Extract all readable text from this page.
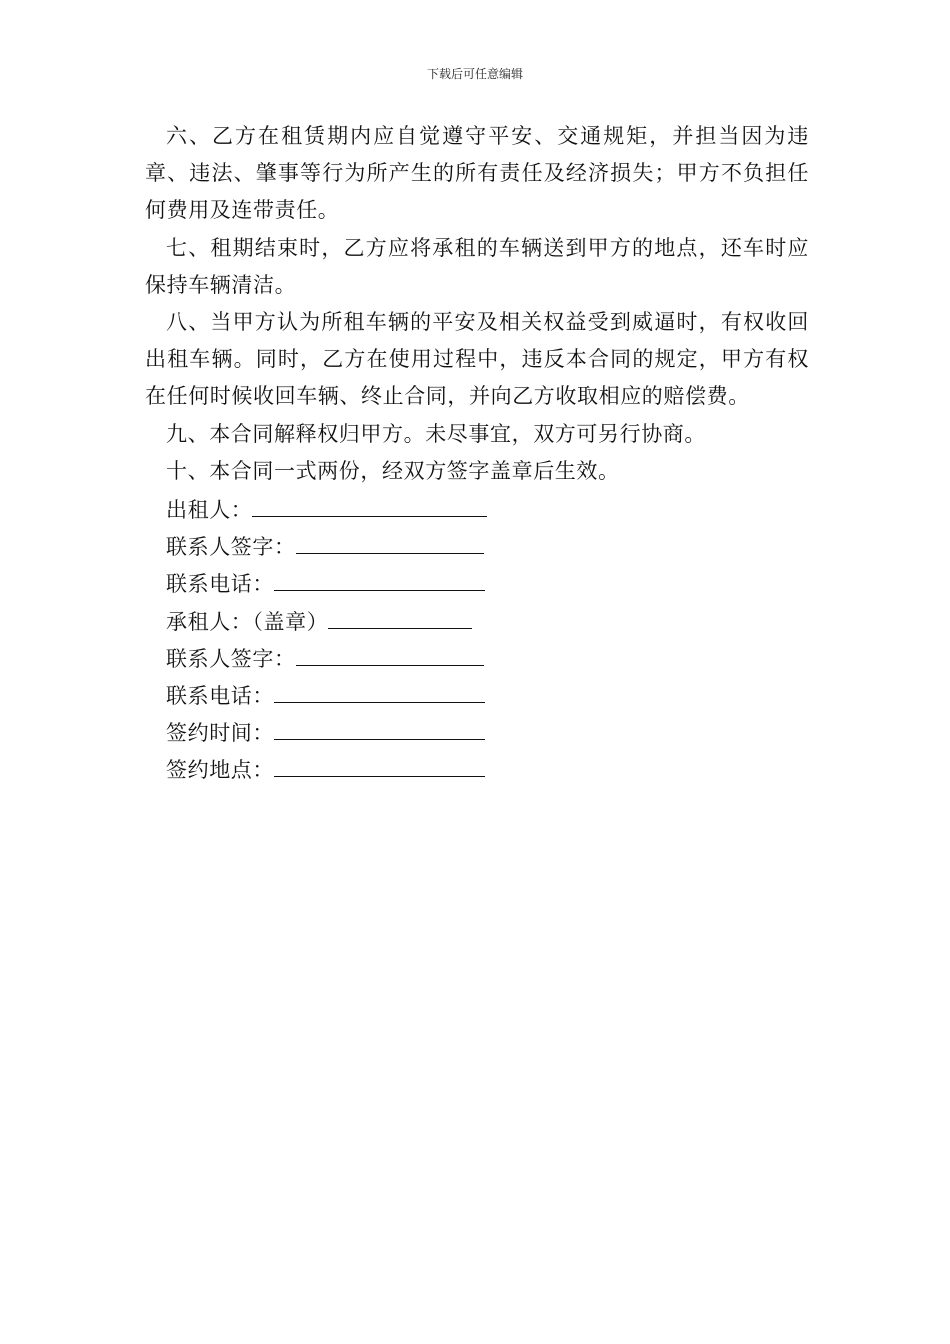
下载后可任意编辑

六、乙方在租赁期内应自觉遵守平安、交通规矩，并担当因为违章、违法、肇事等行为所产生的所有责任及经济损失；甲方不负担任何费用及连带责任。

七、租期结束时，乙方应将承租的车辆送到甲方的地点，还车时应保持车辆清洁。

八、当甲方认为所租车辆的平安及相关权益受到威逼时，有权收回出租车辆。同时，乙方在使用过程中，违反本合同的规定，甲方有权在任何时候收回车辆、终止合同，并向乙方收取相应的赔偿费。

九、本合同解释权归甲方。未尽事宜，双方可另行协商。

十、本合同一式两份，经双方签字盖章后生效。

出租人：
联系人签字：
联系电话：
承租人：（盖章）
联系人签字：
联系电话：
签约时间：
签约地点：
